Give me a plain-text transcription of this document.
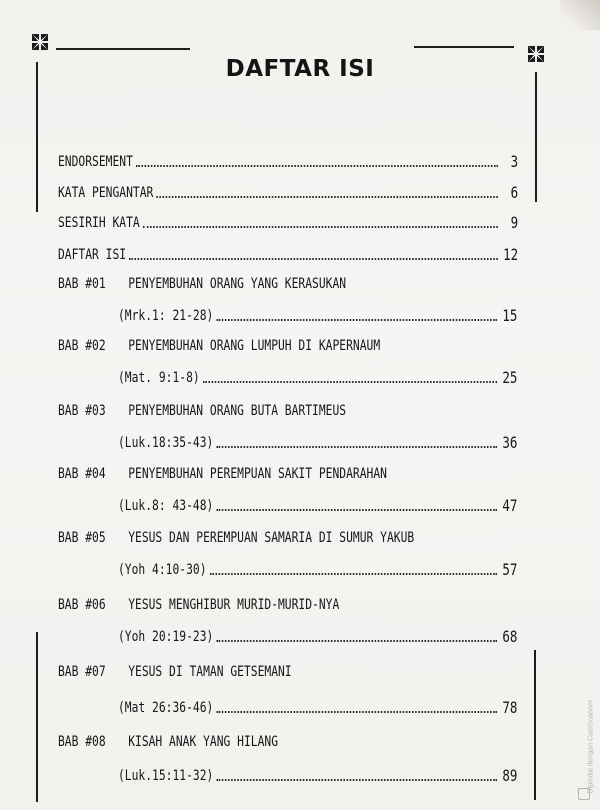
DAFTAR ISI
ENDORSEMENT	3
KATA PENGANTAR	6
SESIRIH KATA	9
DAFTAR ISI	12
BAB #01	PENYEMBUHAN ORANG YANG KERASUKAN
(Mrk.1: 21-28)	15
BAB #02	PENYEMBUHAN ORANG LUMPUH DI KAPERNAUM
(Mat. 9:1-8)	25
BAB #03	PENYEMBUHAN ORANG BUTA BARTIMEUS
(Luk.18:35-43)	36
BAB #04	PENYEMBUHAN PEREMPUAN SAKIT PENDARAHAN
(Luk.8: 43-48)	47
BAB #05	YESUS DAN PEREMPUAN SAMARIA DI SUMUR YAKUB
(Yoh 4:10-30)	57
BAB #06	YESUS MENGHIBUR MURID-MURID-NYA
(Yoh 20:19-23)	68
BAB #07	YESUS DI TAMAN GETSEMANI
(Mat 26:36-46)	78
BAB #08	KISAH ANAK YANG HILANG
(Luk.15:11-32)	89	Dipindai dengan CamScanner
